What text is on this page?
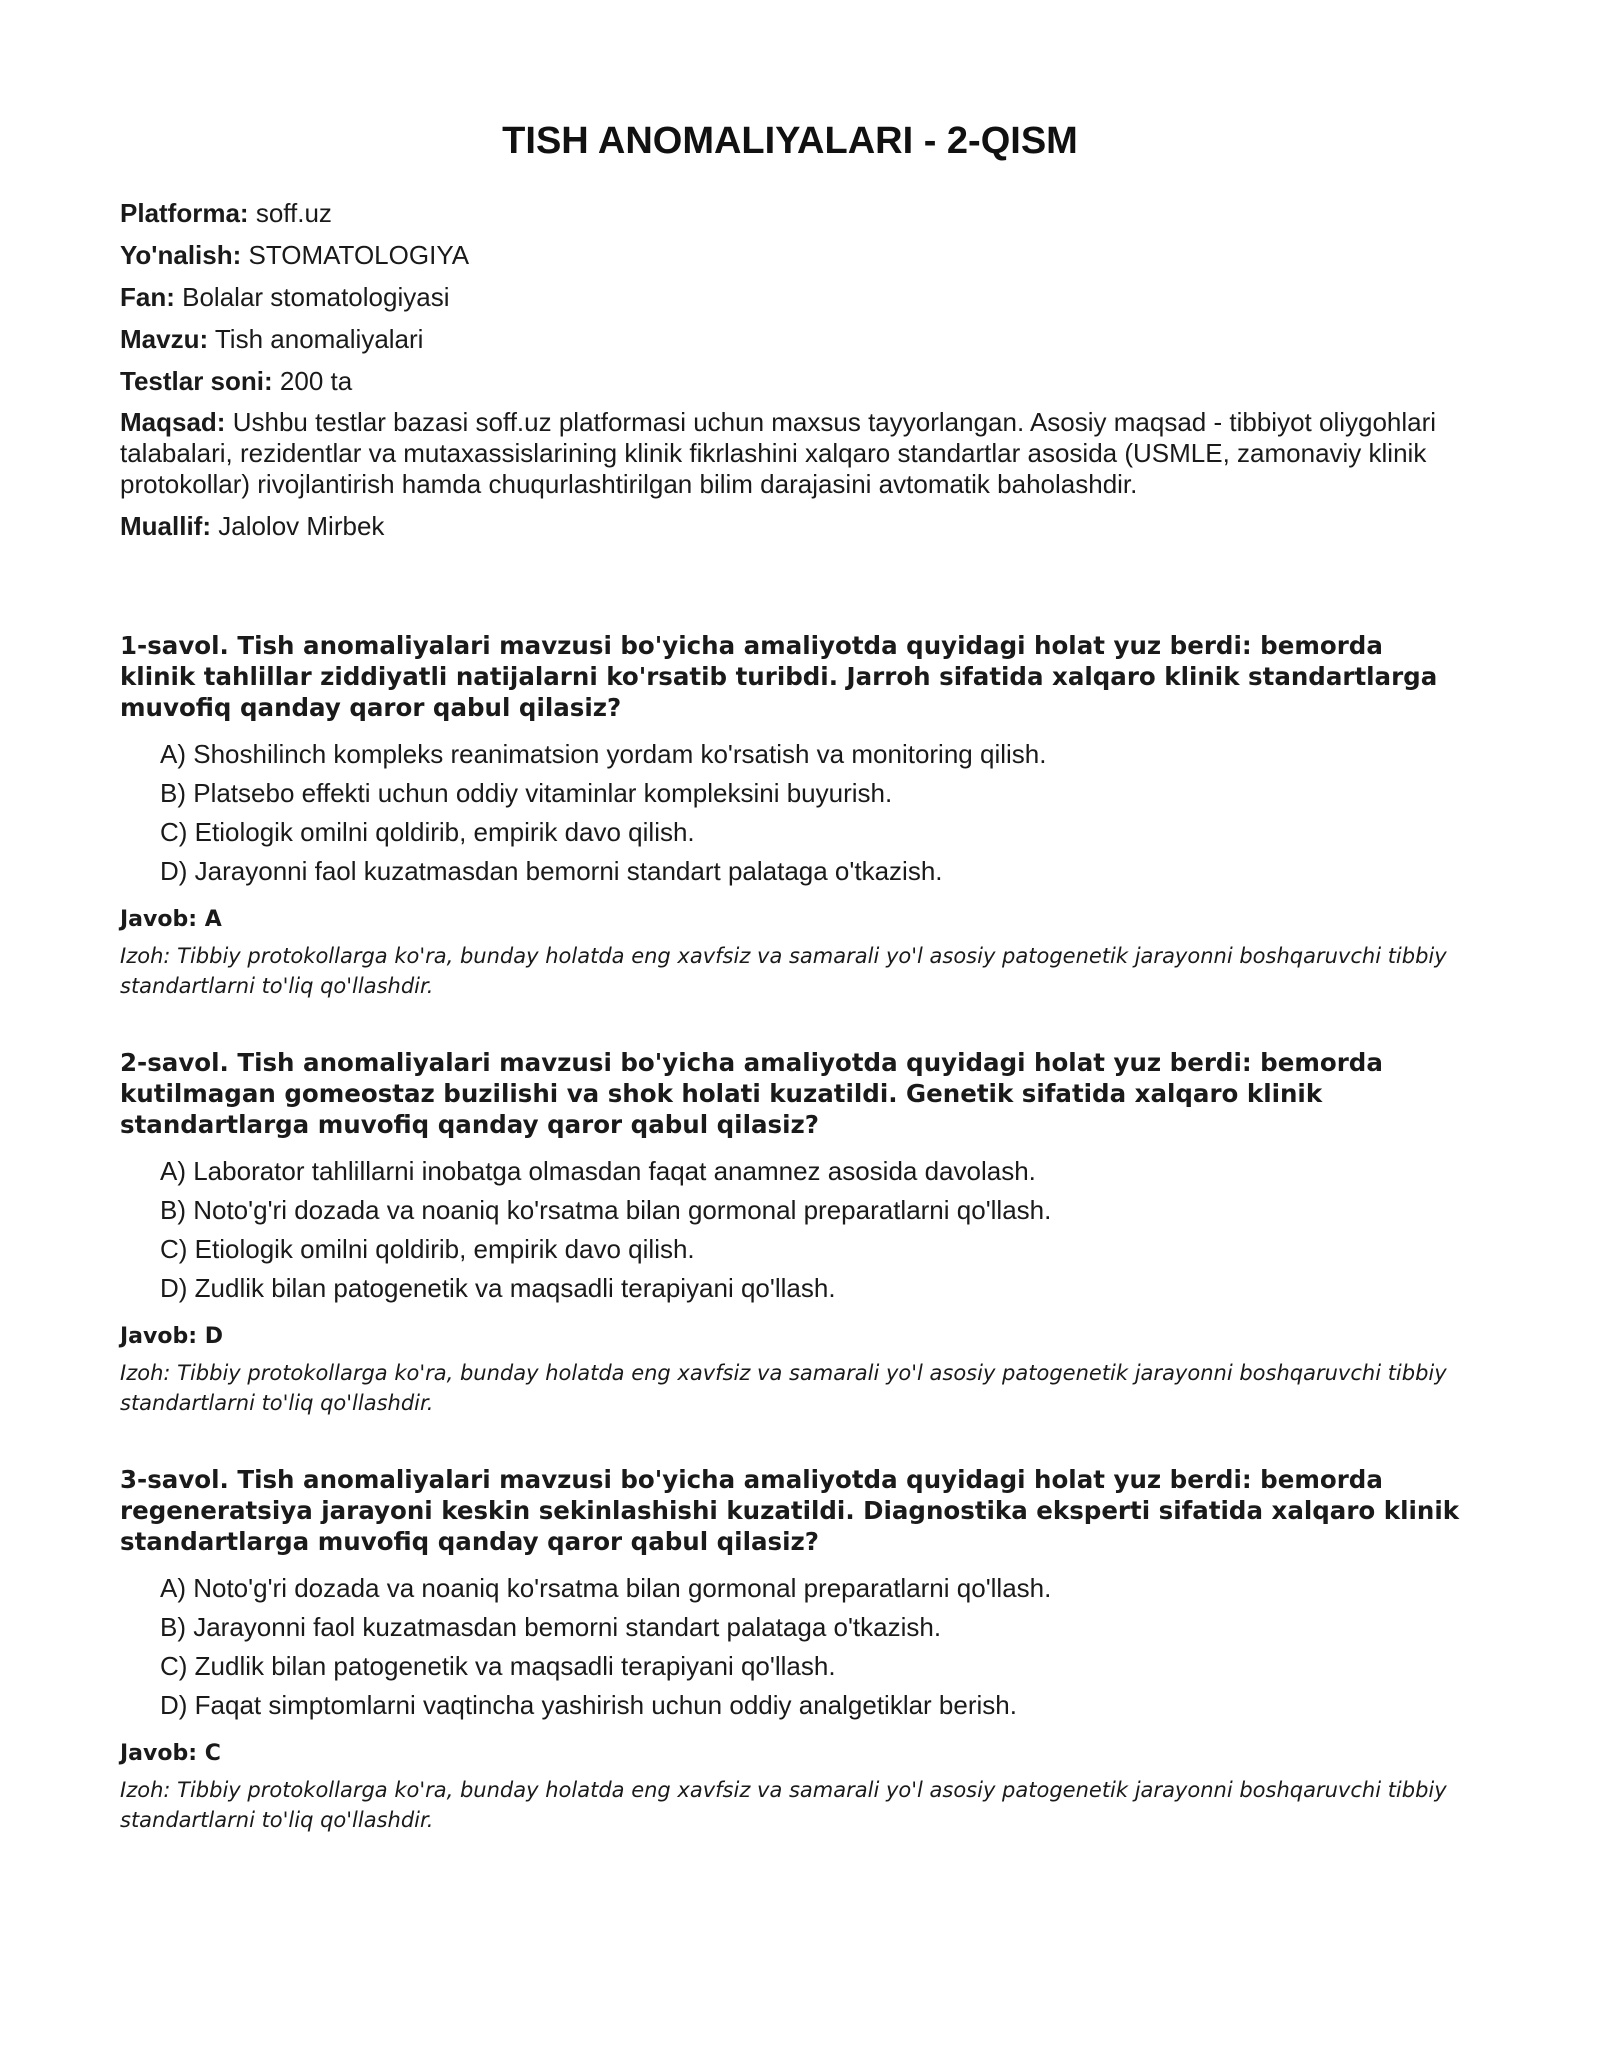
TISH ANOMALIYALARI - 2-QISM

Platforma: soff.uz

Yo'nalish: STOMATOLOGIYA

Fan: Bolalar stomatologiyasi

Mavzu: Tish anomaliyalari

Testlar soni: 200 ta

Maqsad: Ushbu testlar bazasi soff.uz platformasi uchun maxsus tayyorlangan. Asosiy maqsad - tibbiyot oliygohlari talabalari, rezidentlar va mutaxassislarining klinik fikrlashini xalqaro standartlar asosida (USMLE, zamonaviy klinik protokollar) rivojlantirish hamda chuqurlashtirilgan bilim darajasini avtomatik baholashdir.

Muallif: Jalolov Mirbek

1-savol. Tish anomaliyalari mavzusi bo'yicha amaliyotda quyidagi holat yuz berdi: bemorda klinik tahlillar ziddiyatli natijalarni ko'rsatib turibdi. Jarroh sifatida xalqaro klinik standartlarga muvofiq qanday qaror qabul qilasiz?

A) Shoshilinch kompleks reanimatsion yordam ko'rsatish va monitoring qilish.
B) Platsebo effekti uchun oddiy vitaminlar kompleksini buyurish.
C) Etiologik omilni qoldirib, empirik davo qilish.
D) Jarayonni faol kuzatmasdan bemorni standart palataga o'tkazish.

Javob: A

Izoh: Tibbiy protokollarga ko'ra, bunday holatda eng xavfsiz va samarali yo'l asosiy patogenetik jarayonni boshqaruvchi tibbiy standartlarni to'liq qo'llashdir.

2-savol. Tish anomaliyalari mavzusi bo'yicha amaliyotda quyidagi holat yuz berdi: bemorda kutilmagan gomeostaz buzilishi va shok holati kuzatildi. Genetik sifatida xalqaro klinik standartlarga muvofiq qanday qaror qabul qilasiz?

A) Laborator tahlillarni inobatga olmasdan faqat anamnez asosida davolash.
B) Noto'g'ri dozada va noaniq ko'rsatma bilan gormonal preparatlarni qo'llash.
C) Etiologik omilni qoldirib, empirik davo qilish.
D) Zudlik bilan patogenetik va maqsadli terapiyani qo'llash.

Javob: D

Izoh: Tibbiy protokollarga ko'ra, bunday holatda eng xavfsiz va samarali yo'l asosiy patogenetik jarayonni boshqaruvchi tibbiy standartlarni to'liq qo'llashdir.

3-savol. Tish anomaliyalari mavzusi bo'yicha amaliyotda quyidagi holat yuz berdi: bemorda regeneratsiya jarayoni keskin sekinlashishi kuzatildi. Diagnostika eksperti sifatida xalqaro klinik standartlarga muvofiq qanday qaror qabul qilasiz?

A) Noto'g'ri dozada va noaniq ko'rsatma bilan gormonal preparatlarni qo'llash.
B) Jarayonni faol kuzatmasdan bemorni standart palataga o'tkazish.
C) Zudlik bilan patogenetik va maqsadli terapiyani qo'llash.
D) Faqat simptomlarni vaqtincha yashirish uchun oddiy analgetiklar berish.

Javob: C

Izoh: Tibbiy protokollarga ko'ra, bunday holatda eng xavfsiz va samarali yo'l asosiy patogenetik jarayonni boshqaruvchi tibbiy standartlarni to'liq qo'llashdir.
